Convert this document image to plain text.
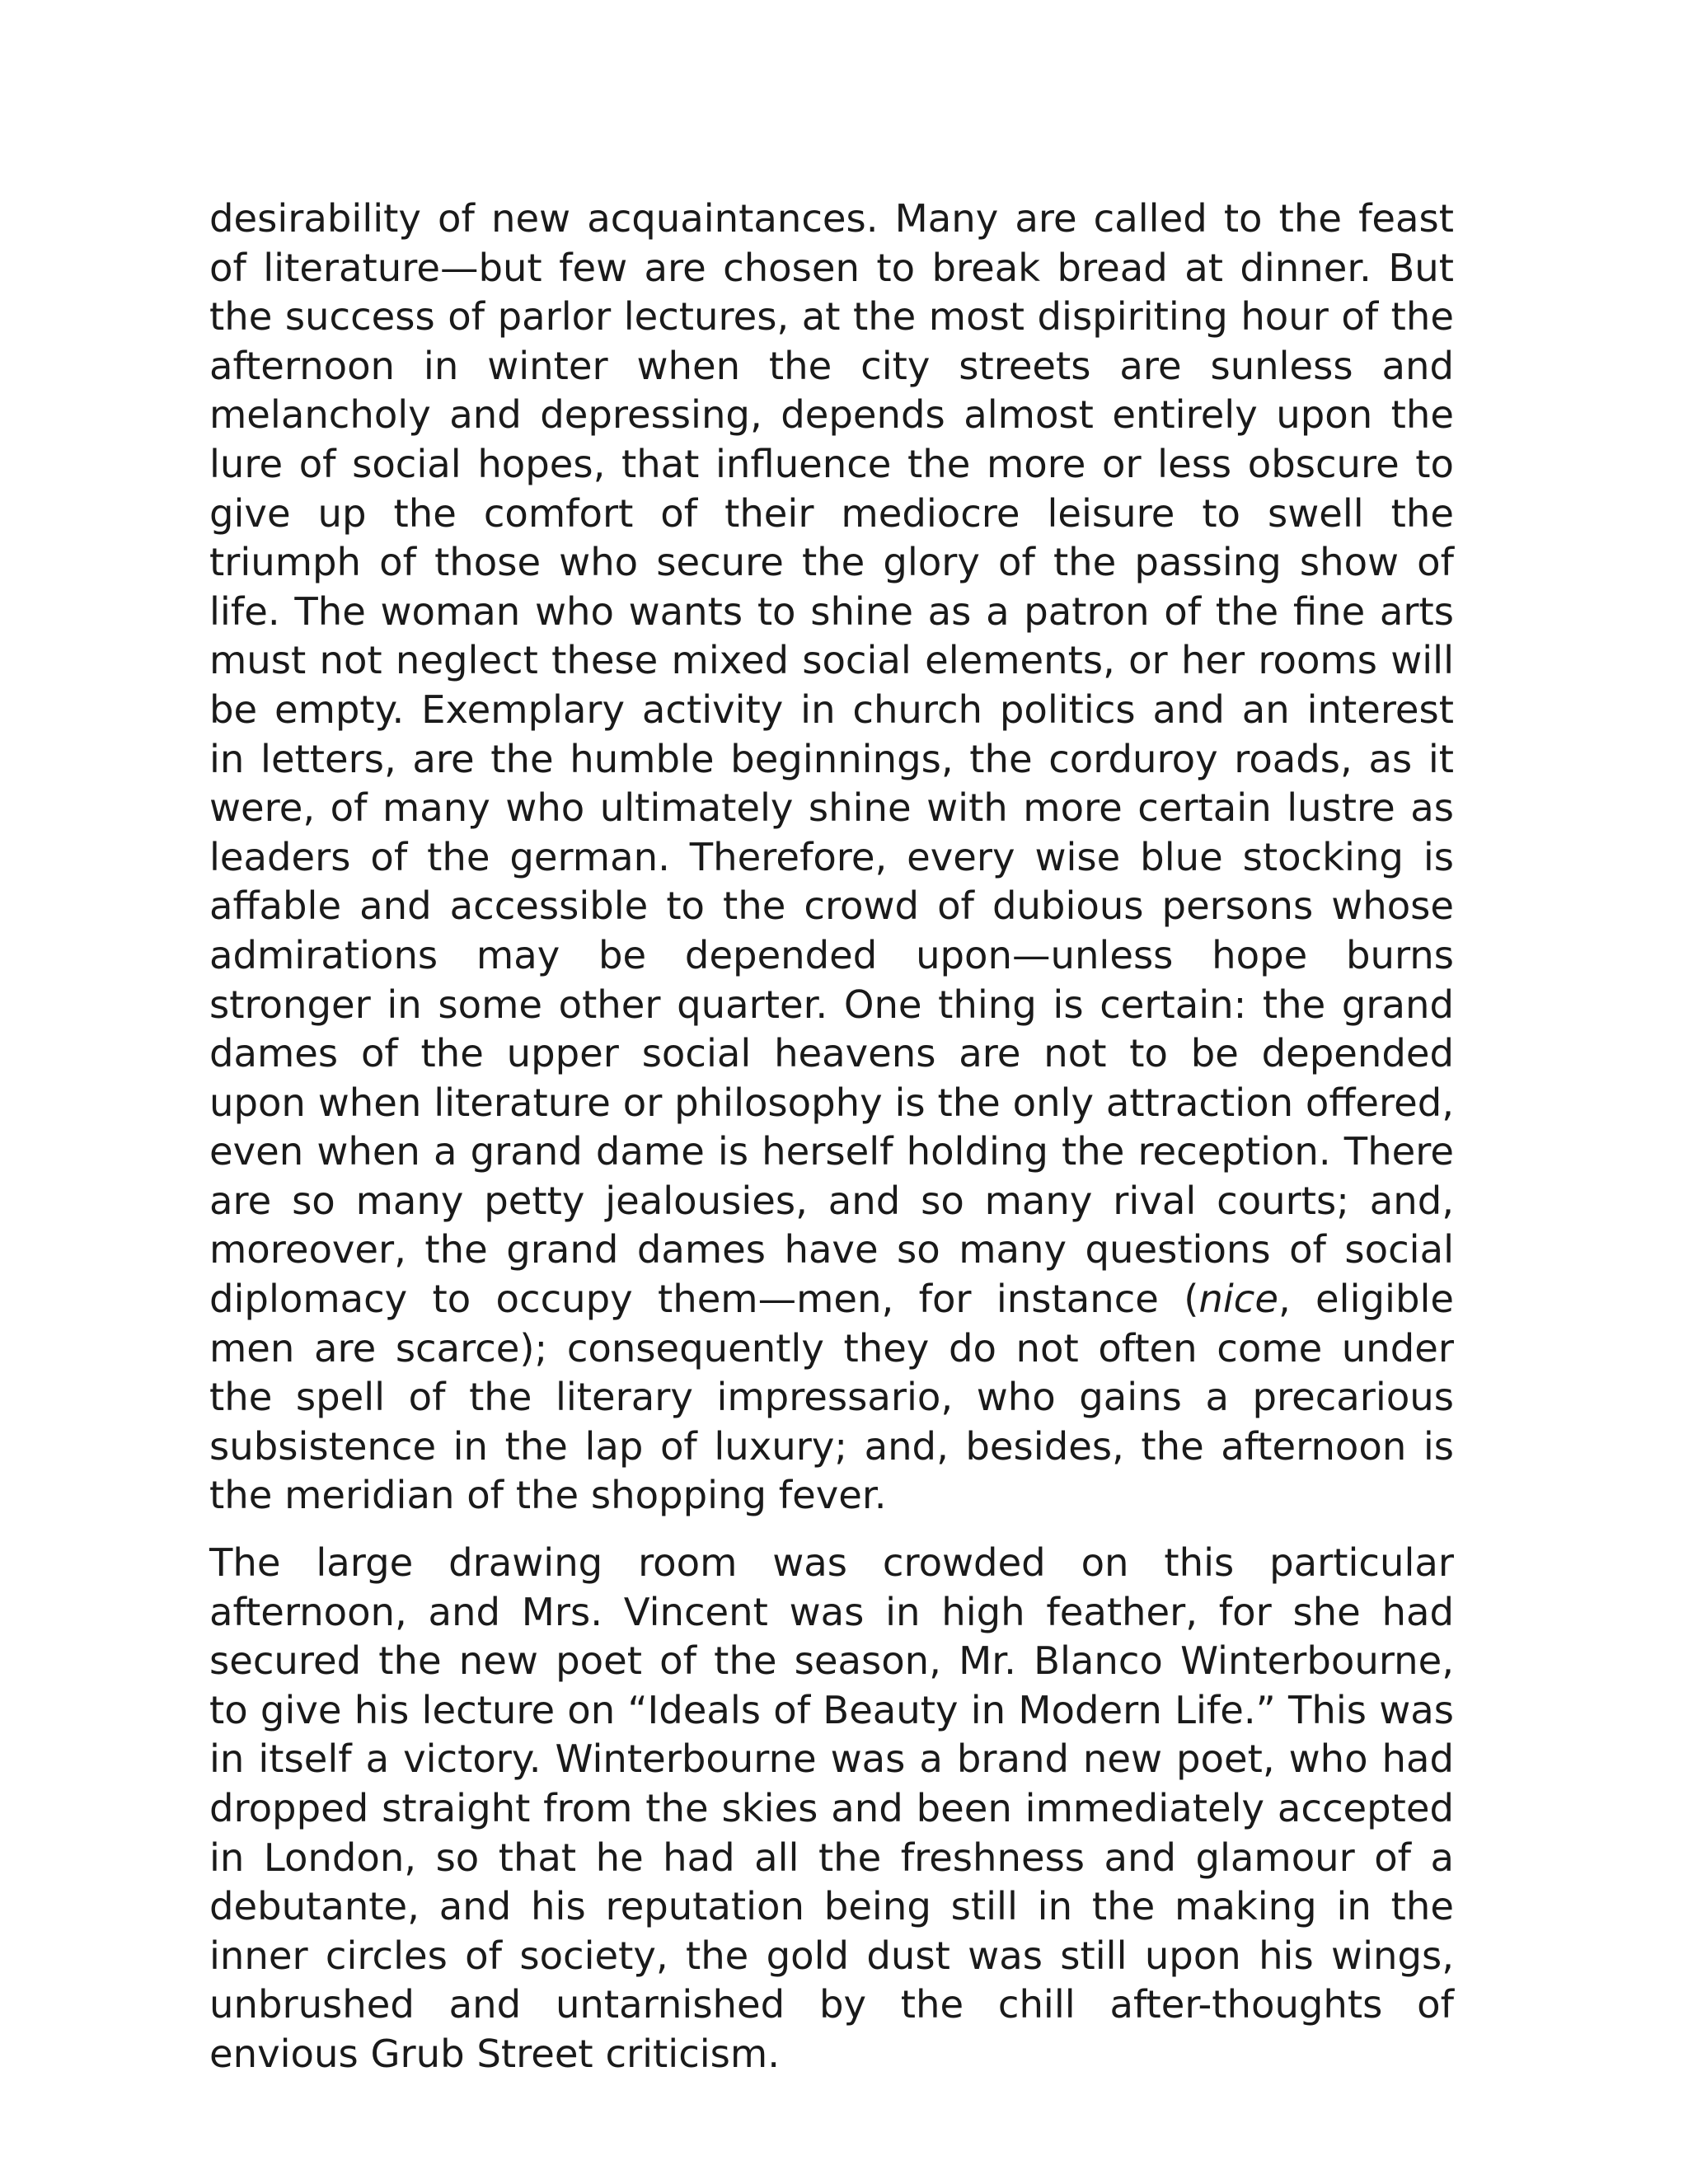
desirability of new acquaintances. Many are called to the feast of literature—but few are chosen to break bread at dinner. But the success of parlor lectures, at the most dispiriting hour of the afternoon in winter when the city streets are sunless and melancholy and depressing, depends almost entirely upon the lure of social hopes, that influence the more or less obscure to give up the comfort of their mediocre leisure to swell the triumph of those who secure the glory of the passing show of life. The woman who wants to shine as a patron of the fine arts must not neglect these mixed social elements, or her rooms will be empty. Exemplary activity in church politics and an interest in letters, are the humble beginnings, the corduroy roads, as it were, of many who ultimately shine with more certain lustre as leaders of the german. Therefore, every wise blue stocking is affable and accessible to the crowd of dubious persons whose admirations may be depended upon—unless hope burns stronger in some other quarter. One thing is certain: the grand dames of the upper social heavens are not to be depended upon when literature or philosophy is the only attraction offered, even when a grand dame is herself holding the reception. There are so many petty jealousies, and so many rival courts; and, moreover, the grand dames have so many questions of social diplomacy to occupy them—men, for instance (nice, eligible men are scarce); consequently they do not often come under the spell of the literary impressario, who gains a precarious subsistence in the lap of luxury; and, besides, the afternoon is the meridian of the shopping fever.

The large drawing room was crowded on this particular afternoon, and Mrs. Vincent was in high feather, for she had secured the new poet of the season, Mr. Blanco Winterbourne, to give his lecture on “Ideals of Beauty in Modern Life.” This was in itself a victory. Winterbourne was a brand new poet, who had dropped straight from the skies and been immediately accepted in London, so that he had all the freshness and glamour of a debutante, and his reputation being still in the making in the inner circles of society, the gold dust was still upon his wings, unbrushed and untarnished by the chill after-thoughts of envious Grub Street criticism.
